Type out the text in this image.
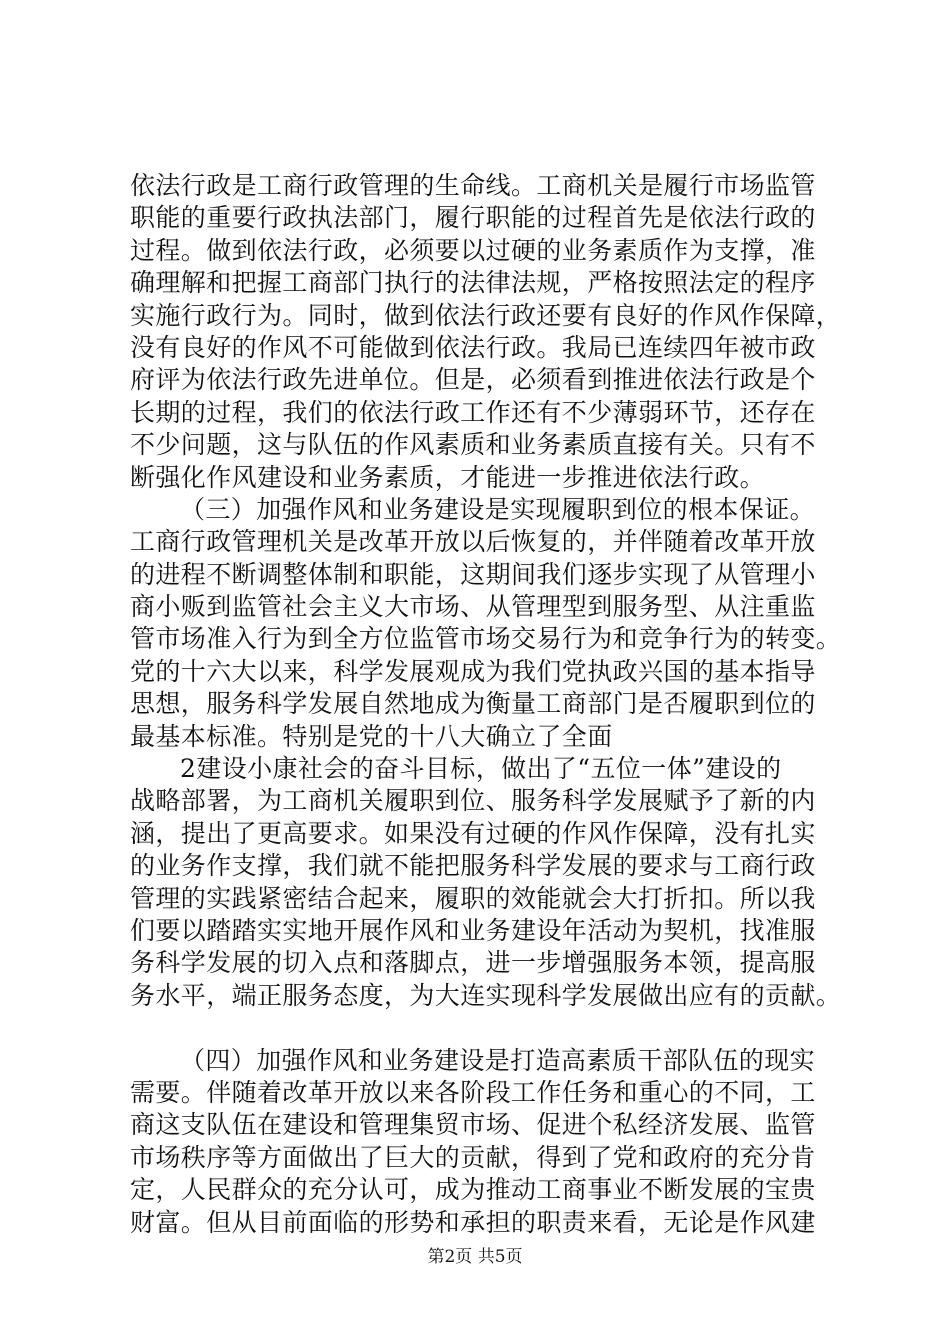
依法行政是工商行政管理的生命线。工商机关是履行市场监管
职能的重要行政执法部门，履行职能的过程首先是依法行政的
过程。做到依法行政，必须要以过硬的业务素质作为支撑，准
确理解和把握工商部门执行的法律法规，严格按照法定的程序
实施行政行为。同时，做到依法行政还要有良好的作风作保障，
没有良好的作风不可能做到依法行政。我局已连续四年被市政
府评为依法行政先进单位。但是，必须看到推进依法行政是个
长期的过程，我们的依法行政工作还有不少薄弱环节，还存在
不少问题，这与队伍的作风素质和业务素质直接有关。只有不
断强化作风建设和业务素质，才能进一步推进依法行政。
（三）加强作风和业务建设是实现履职到位的根本保证。
工商行政管理机关是改革开放以后恢复的，并伴随着改革开放
的进程不断调整体制和职能，这期间我们逐步实现了从管理小
商小贩到监管社会主义大市场、从管理型到服务型、从注重监
管市场准入行为到全方位监管市场交易行为和竞争行为的转变。
党的十六大以来，科学发展观成为我们党执政兴国的基本指导
思想，服务科学发展自然地成为衡量工商部门是否履职到位的
最基本标准。特别是党的十八大确立了全面
2建设小康社会的奋斗目标，做出了“五位一体”建设的
战略部署，为工商机关履职到位、服务科学发展赋予了新的内
涵，提出了更高要求。如果没有过硬的作风作保障，没有扎实
的业务作支撑，我们就不能把服务科学发展的要求与工商行政
管理的实践紧密结合起来，履职的效能就会大打折扣。所以我
们要以踏踏实实地开展作风和业务建设年活动为契机，找准服
务科学发展的切入点和落脚点，进一步增强服务本领，提高服
务水平，端正服务态度，为大连实现科学发展做出应有的贡献。
（四）加强作风和业务建设是打造高素质干部队伍的现实
需要。伴随着改革开放以来各阶段工作任务和重心的不同，工
商这支队伍在建设和管理集贸市场、促进个私经济发展、监管
市场秩序等方面做出了巨大的贡献，得到了党和政府的充分肯
定，人民群众的充分认可，成为推动工商事业不断发展的宝贵
财富。但从目前面临的形势和承担的职责来看，无论是作风建
第2页 共5页
